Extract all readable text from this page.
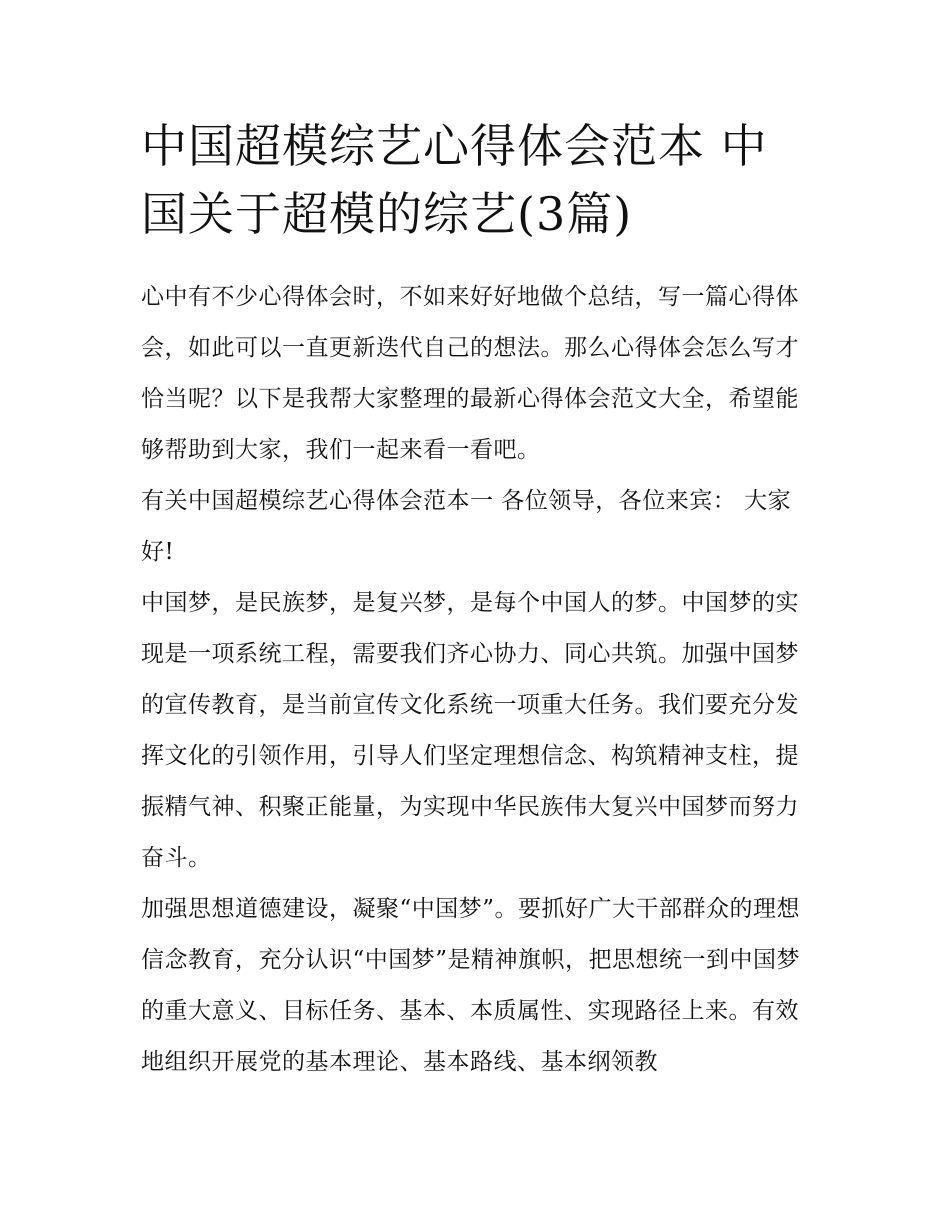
中国超模综艺心得体会范本 中国关于超模的综艺(3篇)

心中有不少心得体会时，不如来好好地做个总结，写一篇心得体会，如此可以一直更新迭代自己的想法。那么心得体会怎么写才恰当呢？以下是我帮大家整理的最新心得体会范文大全，希望能够帮助到大家，我们一起来看一看吧。

有关中国超模综艺心得体会范本一 各位领导，各位来宾： 大家好!

中国梦，是民族梦，是复兴梦，是每个中国人的梦。中国梦的实现是一项系统工程，需要我们齐心协力、同心共筑。加强中国梦的宣传教育，是当前宣传文化系统一项重大任务。我们要充分发挥文化的引领作用，引导人们坚定理想信念、构筑精神支柱，提振精气神、积聚正能量，为实现中华民族伟大复兴中国梦而努力奋斗。

加强思想道德建设，凝聚“中国梦”。要抓好广大干部群众的理想信念教育，充分认识“中国梦”是精神旗帜，把思想统一到中国梦的重大意义、目标任务、基本、本质属性、实现路径上来。有效地组织开展党的基本理论、基本路线、基本纲领教
